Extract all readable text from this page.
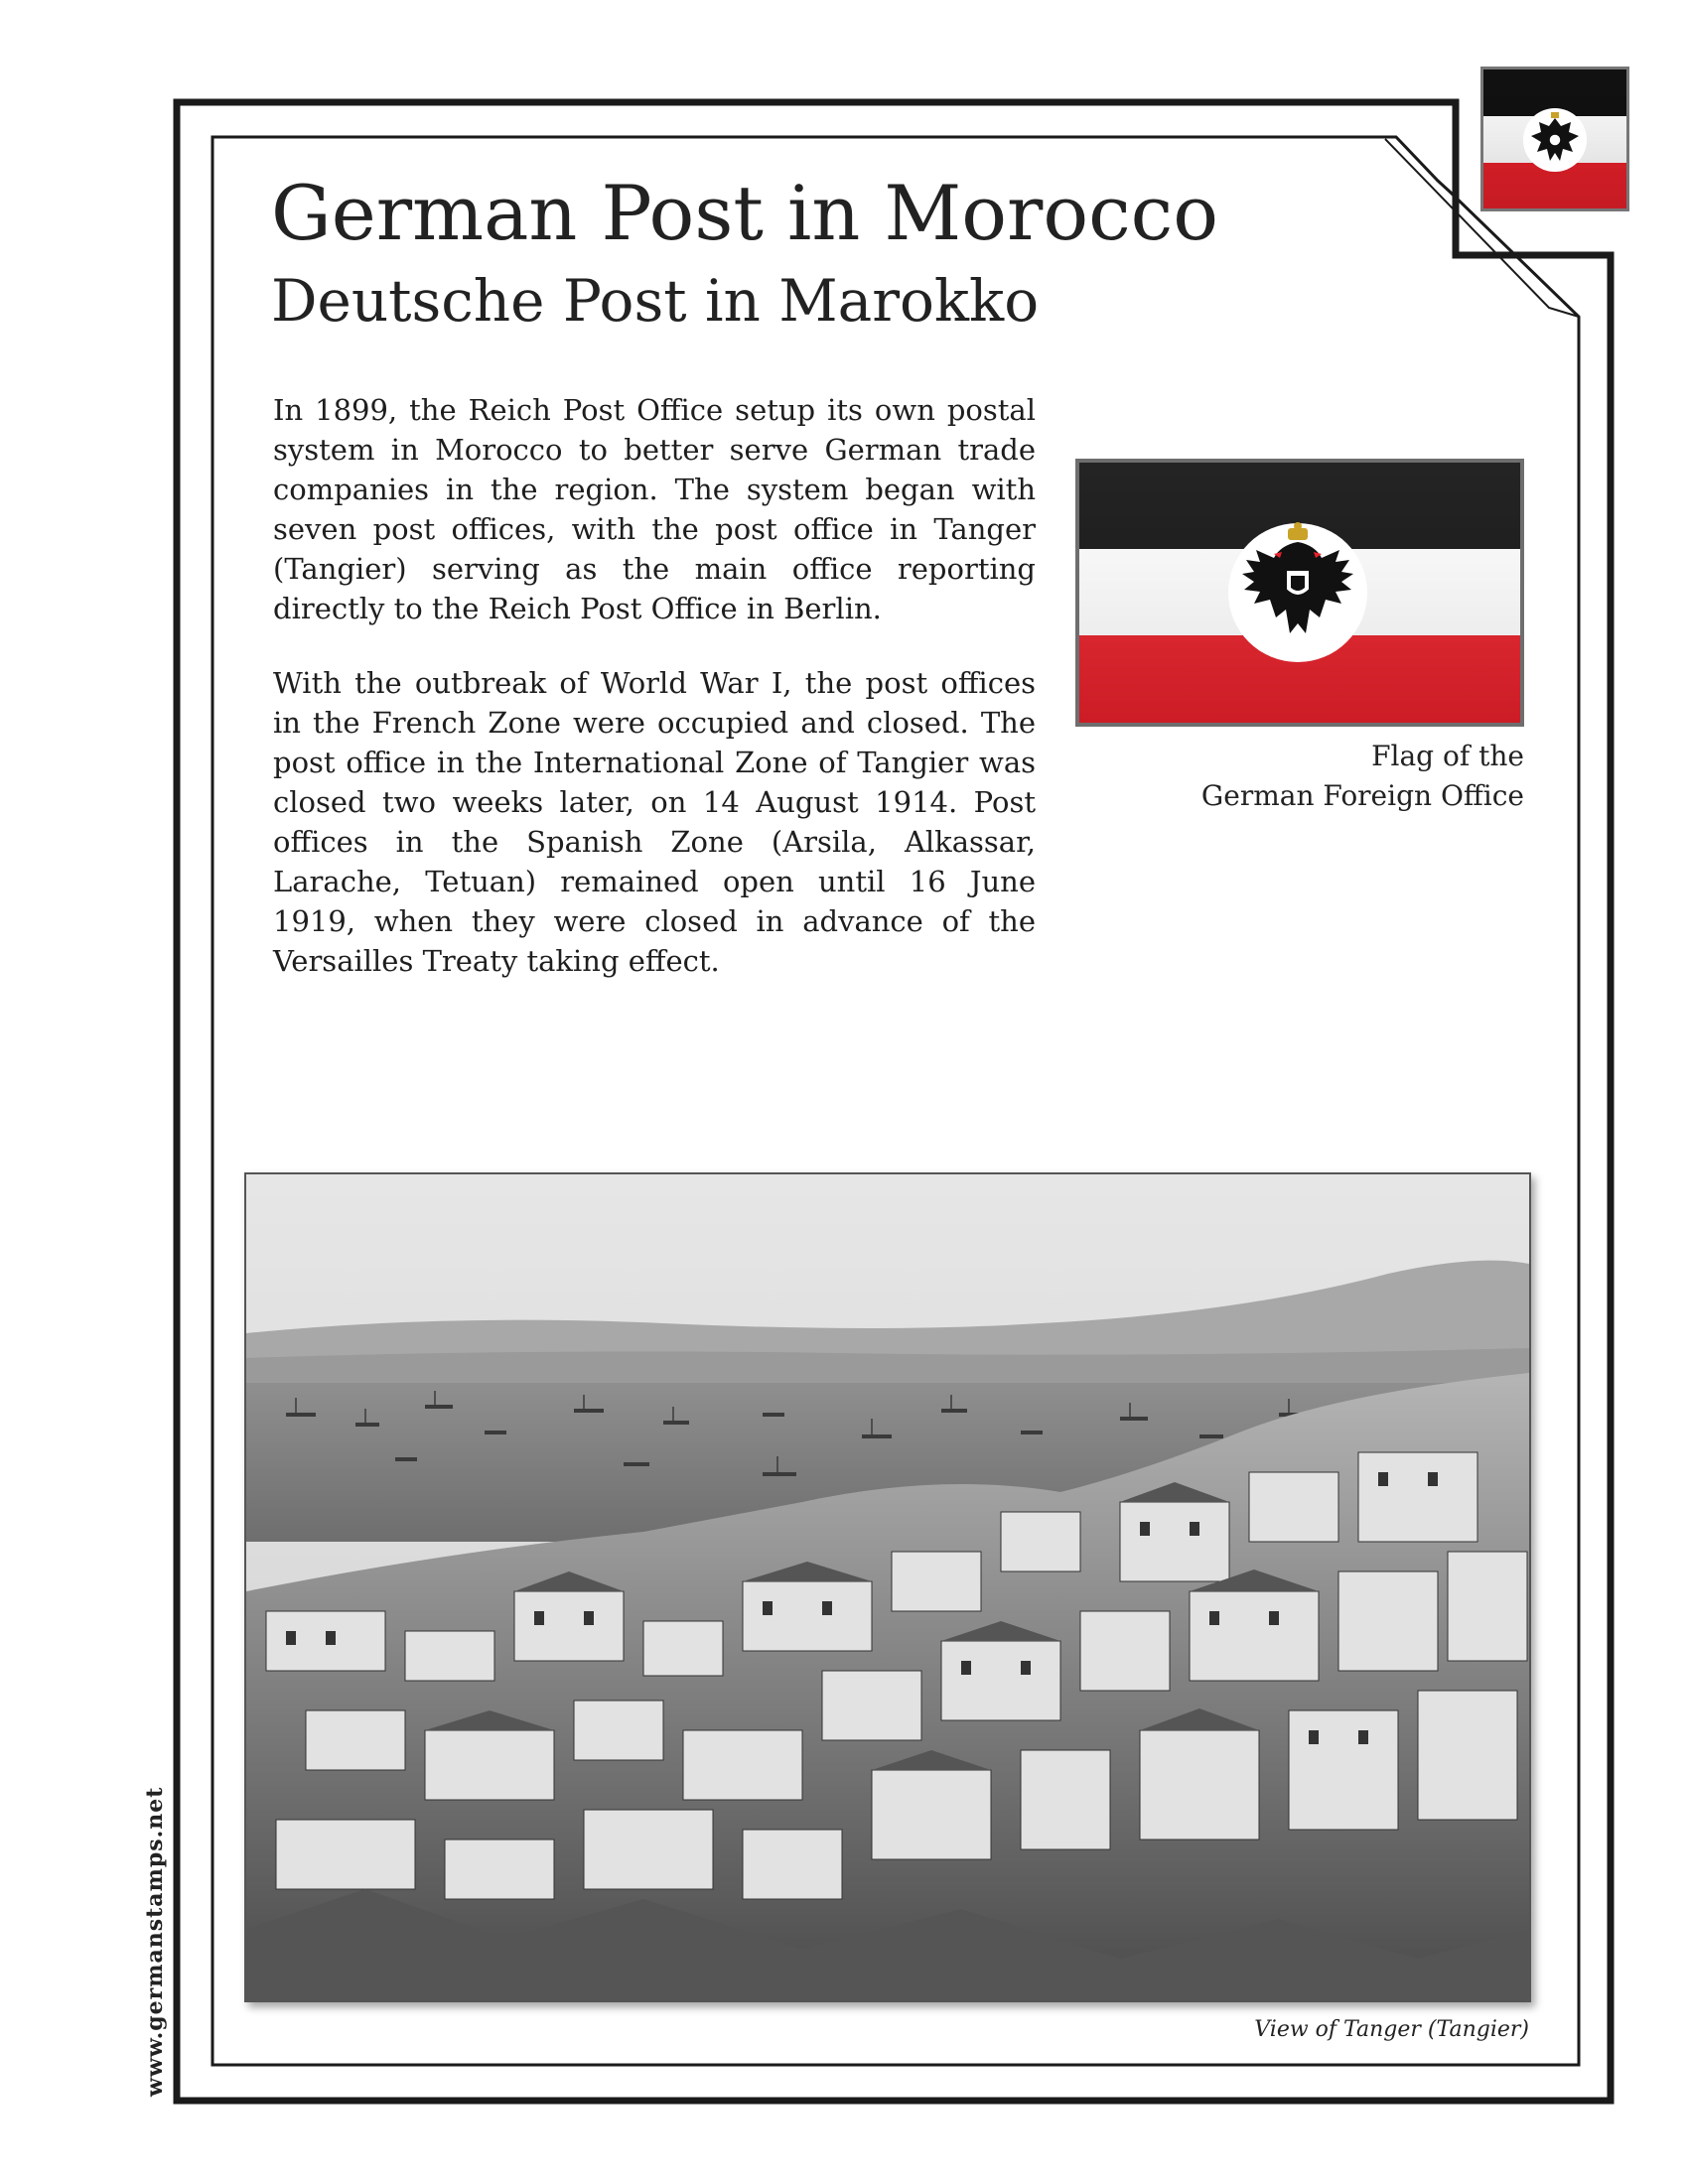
German Post in Morocco
Deutsche Post in Marokko

In 1899, the Reich Post Office setup its own postal system in Morocco to better serve German trade companies in the region. The system began with seven post offices, with the post office in Tanger (Tangier) serving as the main office reporting directly to the Reich Post Office in Berlin.

With the outbreak of World War I, the post offices in the French Zone were occupied and closed. The post office in the International Zone of Tangier was closed two weeks later, on 14 August 1914. Post offices in the Spanish Zone (Arsila, Alkassar, Larache, Tetuan) remained open until 16 June 1919, when they were closed in advance of the Versailles Treaty taking effect.

Flag of the
German Foreign Office
View of Tanger (Tangier)
www.germanstamps.net
